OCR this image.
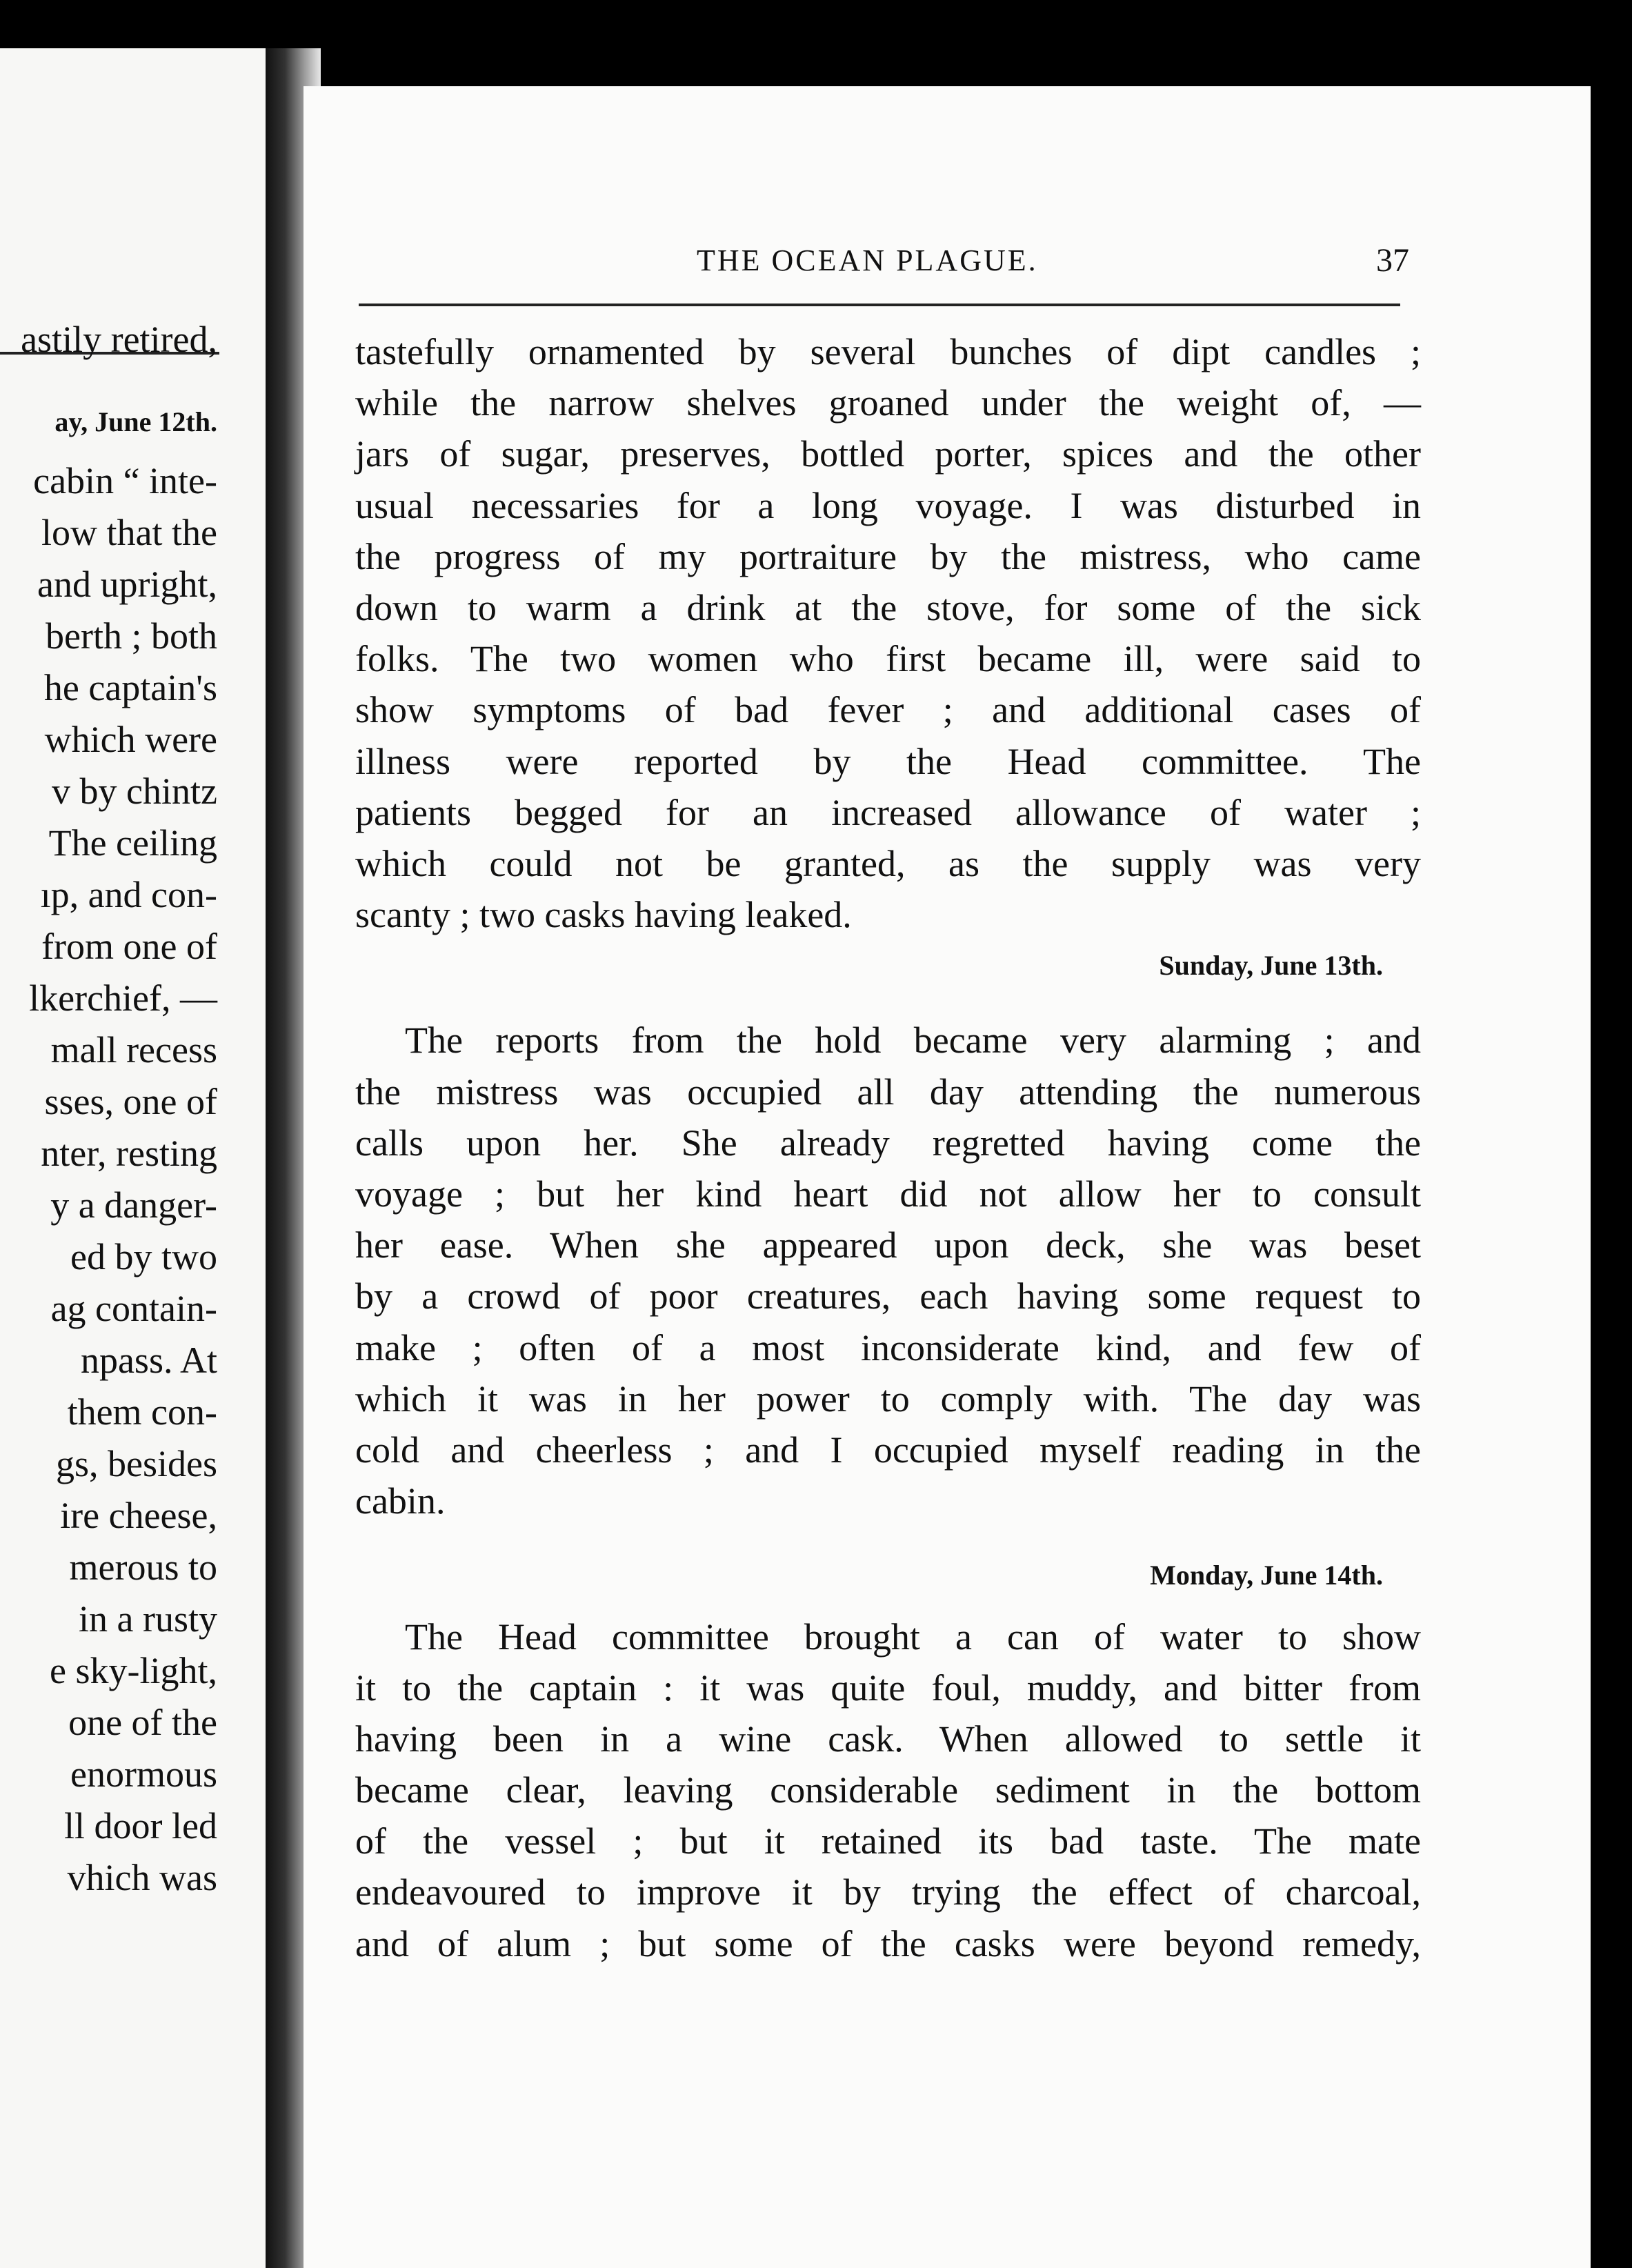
astily retired,
ay, June 12th.
cabin “ inte-
low that the
and upright,
berth ; both
he captain's
which were
v by chintz
The ceiling
ıp, and con-
from one of
lkerchief, —
mall recess
sses, one of
nter, resting
y a danger-
ed by two
ag contain-
npass. At
them con-
gs, besides
ire cheese,
merous to
in a rusty
e sky-light,
one of the
enormous
ll door led
vhich was
THE OCEAN PLAGUE.	37
tastefully ornamented by several bunches of dipt candles ;
while the narrow shelves groaned under the weight of, —
jars of sugar, preserves, bottled porter, spices and the other
usual necessaries for a long voyage. I was disturbed in
the progress of my portraiture by the mistress, who came
down to warm a drink at the stove, for some of the sick
folks. The two women who first became ill, were said to
show symptoms of bad fever ; and additional cases of
illness were reported by the Head committee. The
patients begged for an increased allowance of water ;
which could not be granted, as the supply was very
scanty ; two casks having leaked.
Sunday, June 13th.
The reports from the hold became very alarming ; and
the mistress was occupied all day attending the numerous
calls upon her. She already regretted having come the
voyage ; but her kind heart did not allow her to consult
her ease. When she appeared upon deck, she was beset
by a crowd of poor creatures, each having some request to
make ; often of a most inconsiderate kind, and few of
which it was in her power to comply with. The day was
cold and cheerless ; and I occupied myself reading in the
cabin.
Monday, June 14th.
The Head committee brought a can of water to show
it to the captain : it was quite foul, muddy, and bitter from
having been in a wine cask. When allowed to settle it
became clear, leaving considerable sediment in the bottom
of the vessel ; but it retained its bad taste. The mate
endeavoured to improve it by trying the effect of charcoal,
and of alum ; but some of the casks were beyond remedy,
